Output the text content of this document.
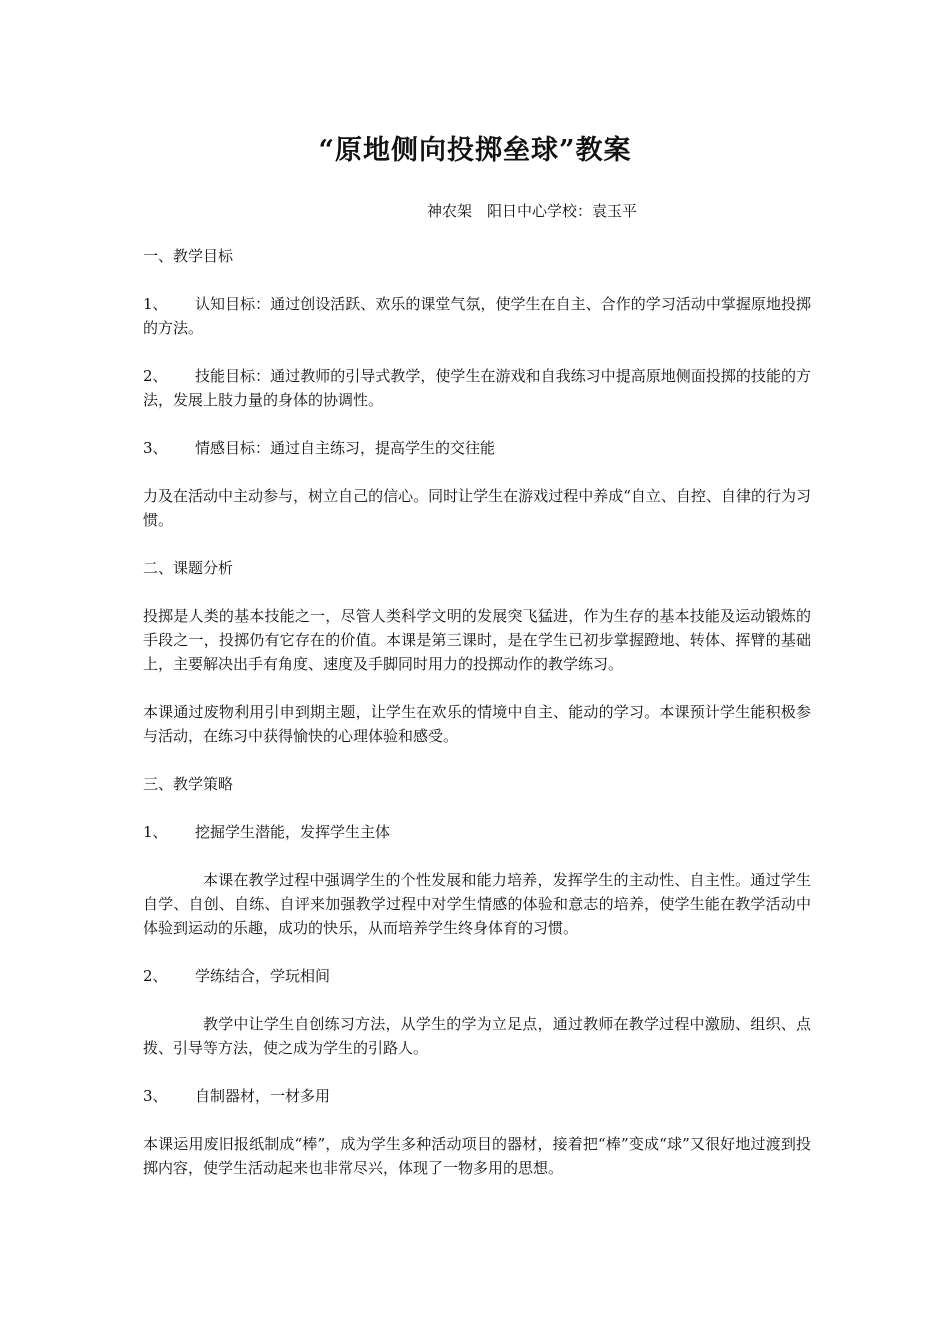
“原地侧向投掷垒球”教案
神农架　阳日中心学校：袁玉平
一、教学目标
1、 认知目标：通过创设活跃、欢乐的课堂气氛，使学生在自主、合作的学习活动中掌握原地投掷的方法。
2、 技能目标：通过教师的引导式教学，使学生在游戏和自我练习中提高原地侧面投掷的技能的方法，发展上肢力量的身体的协调性。
3、 情感目标：通过自主练习，提高学生的交往能
力及在活动中主动参与，树立自己的信心。同时让学生在游戏过程中养成“自立、自控、自律的行为习惯。
二、课题分析
投掷是人类的基本技能之一，尽管人类科学文明的发展突飞猛进，作为生存的基本技能及运动锻炼的手段之一，投掷仍有它存在的价值。本课是第三课时，是在学生已初步掌握蹬地、转体、挥臂的基础上，主要解决出手有角度、速度及手脚同时用力的投掷动作的教学练习。
本课通过废物利用引申到期主题，让学生在欢乐的情境中自主、能动的学习。本课预计学生能积极参与活动，在练习中获得愉快的心理体验和感受。
三、教学策略
1、 挖掘学生潜能，发挥学生主体
本课在教学过程中强调学生的个性发展和能力培养，发挥学生的主动性、自主性。通过学生自学、自创、自练、自评来加强教学过程中对学生情感的体验和意志的培养，使学生能在教学活动中体验到运动的乐趣，成功的快乐，从而培养学生终身体育的习惯。
2、 学练结合，学玩相间
教学中让学生自创练习方法，从学生的学为立足点，通过教师在教学过程中激励、组织、点拨、引导等方法，使之成为学生的引路人。
3、 自制器材，一材多用
本课运用废旧报纸制成“棒”，成为学生多种活动项目的器材，接着把“棒”变成“球”又很好地过渡到投掷内容，使学生活动起来也非常尽兴，体现了一物多用的思想。
